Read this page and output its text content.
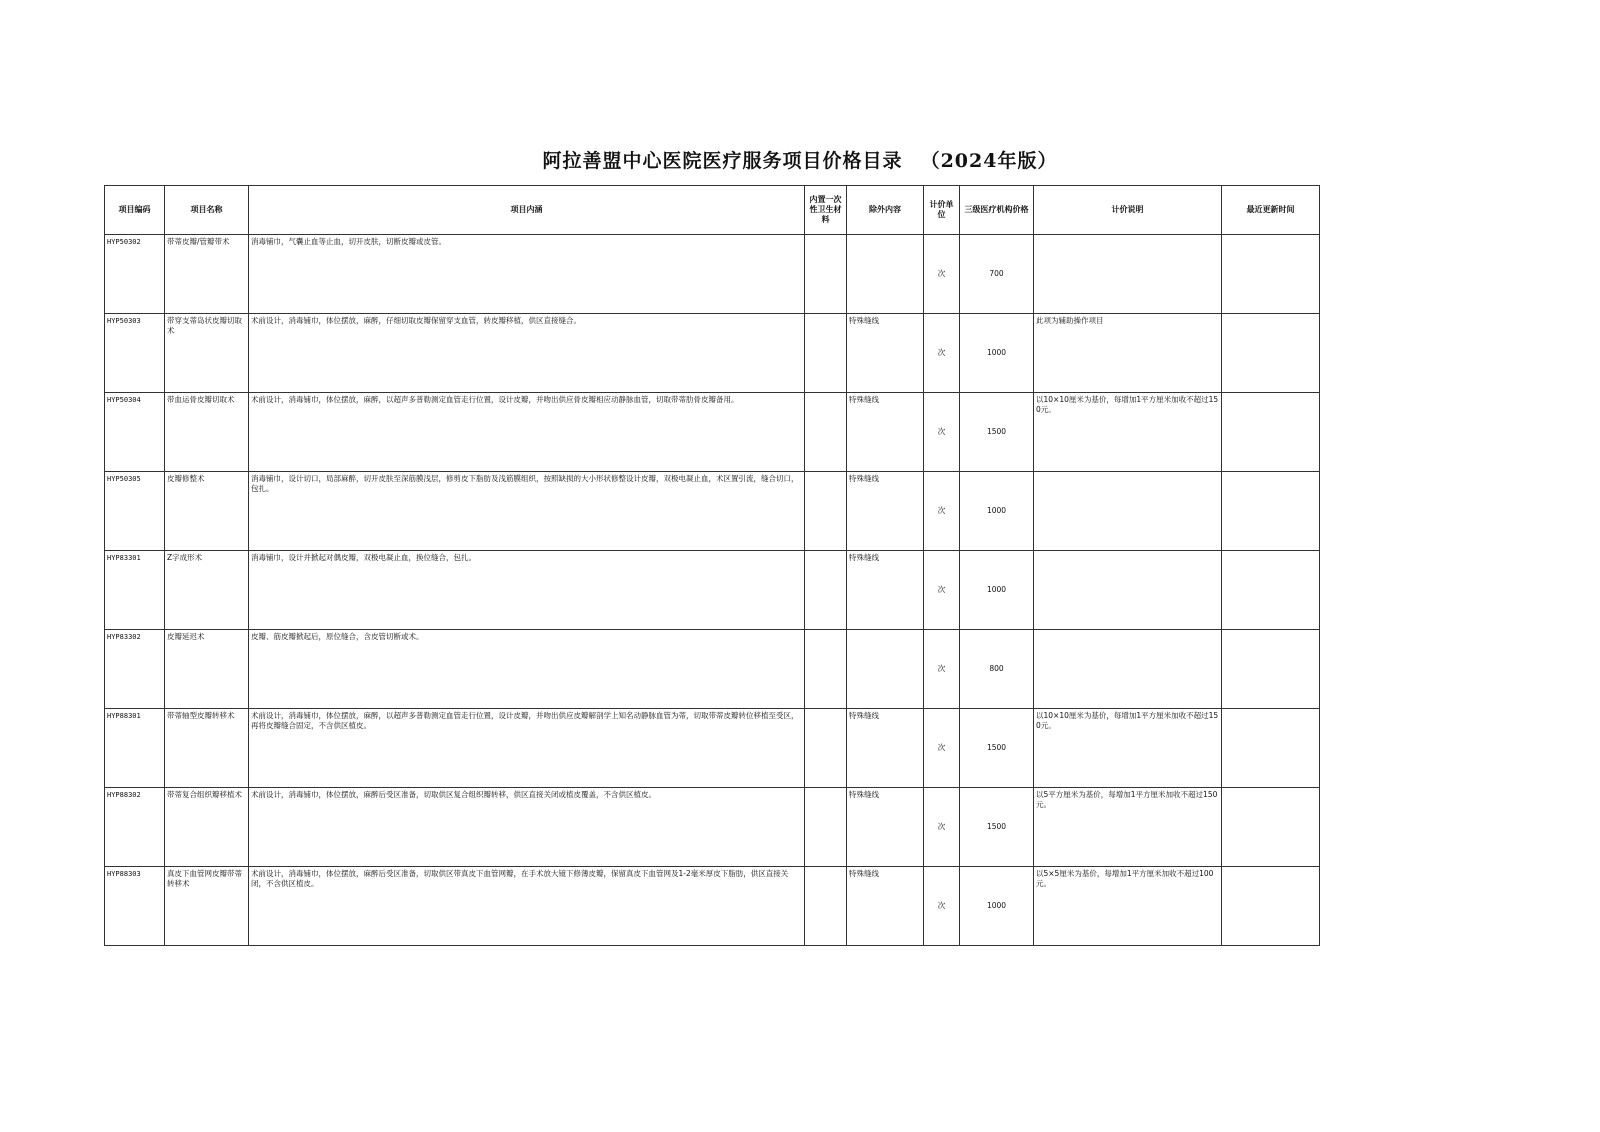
阿拉善盟中心医院医疗服务项目价格目录 （2024年版）
项目编码	项目名称	项目内涵	内置一次性卫生材料	除外内容	计价单位	三级医疗机构价格	计价说明	最近更新时间
HYP50302	带蒂皮瓣/管瓣带术	消毒铺巾，气囊止血等止血，切开皮肤，切断皮瓣或皮管。			次	700		
HYP50303	带穿支蒂岛状皮瓣切取术	术前设计，消毒铺巾，体位摆放，麻醉，仔细切取皮瓣保留穿支血管，转皮瓣移植，供区直接缝合。		特殊缝线	次	1000	此项为辅助操作项目	
HYP50304	带血运骨皮瓣切取术	术前设计，消毒铺巾，体位摆放，麻醉，以超声多普勒测定血管走行位置，设计皮瓣，并吻出供应骨皮瓣相应动静脉血管，切取带蒂肋骨皮瓣备用。		特殊缝线	次	1500	以10×10厘米为基价，每增加1平方厘米加收不超过150元。	
HYP50305	皮瓣修整术	消毒铺巾，设计切口，局部麻醉，切开皮肤至深筋膜浅层，修剪皮下脂肪及浅筋膜组织，按照缺损的大小形状修整设计皮瓣，双极电凝止血，术区置引流，缝合切口，包扎。		特殊缝线	次	1000		
HYP83301	Z字成形术	消毒铺巾，设计并掀起对偶皮瓣，双极电凝止血，换位缝合，包扎。		特殊缝线	次	1000		
HYP83302	皮瓣延迟术	皮瓣、筋皮瓣掀起后，原位缝合，含皮管切断或术。			次	800		
HYP88301	带蒂轴型皮瓣转移术	术前设计，消毒铺巾，体位摆放，麻醉，以超声多普勒测定血管走行位置，设计皮瓣，并吻出供应皮瓣解剖学上知名动静脉血管为蒂，切取带蒂皮瓣转位移植至受区，再将皮瓣缝合固定，不含供区植皮。		特殊缝线	次	1500	以10×10厘米为基价，每增加1平方厘米加收不超过150元。	
HYP88302	带蒂复合组织瓣移植术	术前设计，消毒铺巾，体位摆放，麻醉后受区准备，切取供区复合组织瓣转移，供区直接关闭或植皮覆盖，不含供区植皮。		特殊缝线	次	1500	以5平方厘米为基价，每增加1平方厘米加收不超过150元。	
HYP88303	真皮下血管网皮瓣带蒂转移术	术前设计，消毒铺巾，体位摆放，麻醉后受区准备，切取供区带真皮下血管网瓣，在手术放大镜下修薄皮瓣，保留真皮下血管网及1-2毫米厚皮下脂肪，供区直接关闭，不含供区植皮。		特殊缝线	次	1000	以5×5厘米为基价，每增加1平方厘米加收不超过100元。	
